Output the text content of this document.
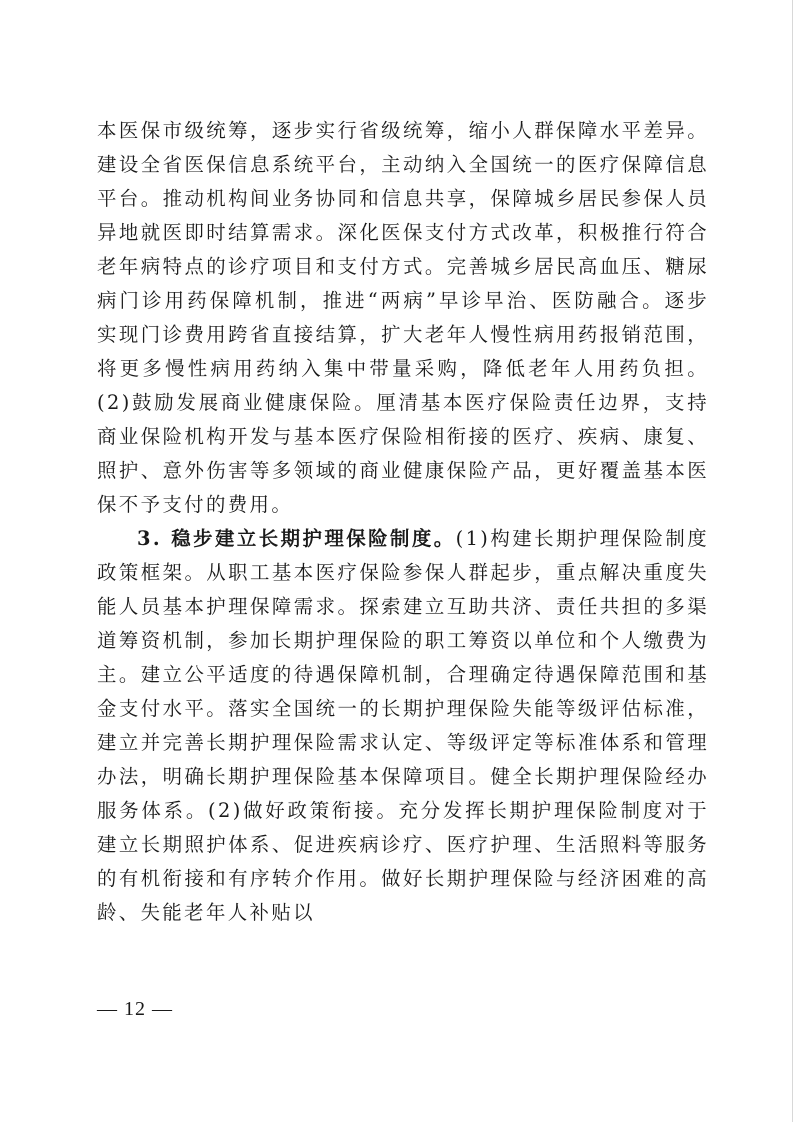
本医保市级统筹，逐步实行省级统筹，缩小人群保障水平差异。建设全省医保信息系统平台，主动纳入全国统一的医疗保障信息平台。推动机构间业务协同和信息共享，保障城乡居民参保人员异地就医即时结算需求。深化医保支付方式改革，积极推行符合老年病特点的诊疗项目和支付方式。完善城乡居民高血压、糖尿病门诊用药保障机制，推进“两病”早诊早治、医防融合。逐步实现门诊费用跨省直接结算，扩大老年人慢性病用药报销范围，将更多慢性病用药纳入集中带量采购，降低老年人用药负担。(2)鼓励发展商业健康保险。厘清基本医疗保险责任边界，支持商业保险机构开发与基本医疗保险相衔接的医疗、疾病、康复、照护、意外伤害等多领域的商业健康保险产品，更好覆盖基本医保不予支付的费用。

3. 稳步建立长期护理保险制度。(1)构建长期护理保险制度政策框架。从职工基本医疗保险参保人群起步，重点解决重度失能人员基本护理保障需求。探索建立互助共济、责任共担的多渠道筹资机制，参加长期护理保险的职工筹资以单位和个人缴费为主。建立公平适度的待遇保障机制，合理确定待遇保障范围和基金支付水平。落实全国统一的长期护理保险失能等级评估标准，建立并完善长期护理保险需求认定、等级评定等标准体系和管理办法，明确长期护理保险基本保障项目。健全长期护理保险经办服务体系。(2)做好政策衔接。充分发挥长期护理保险制度对于建立长期照护体系、促进疾病诊疗、医疗护理、生活照料等服务的有机衔接和有序转介作用。做好长期护理保险与经济困难的高龄、失能老年人补贴以

— 12 —
